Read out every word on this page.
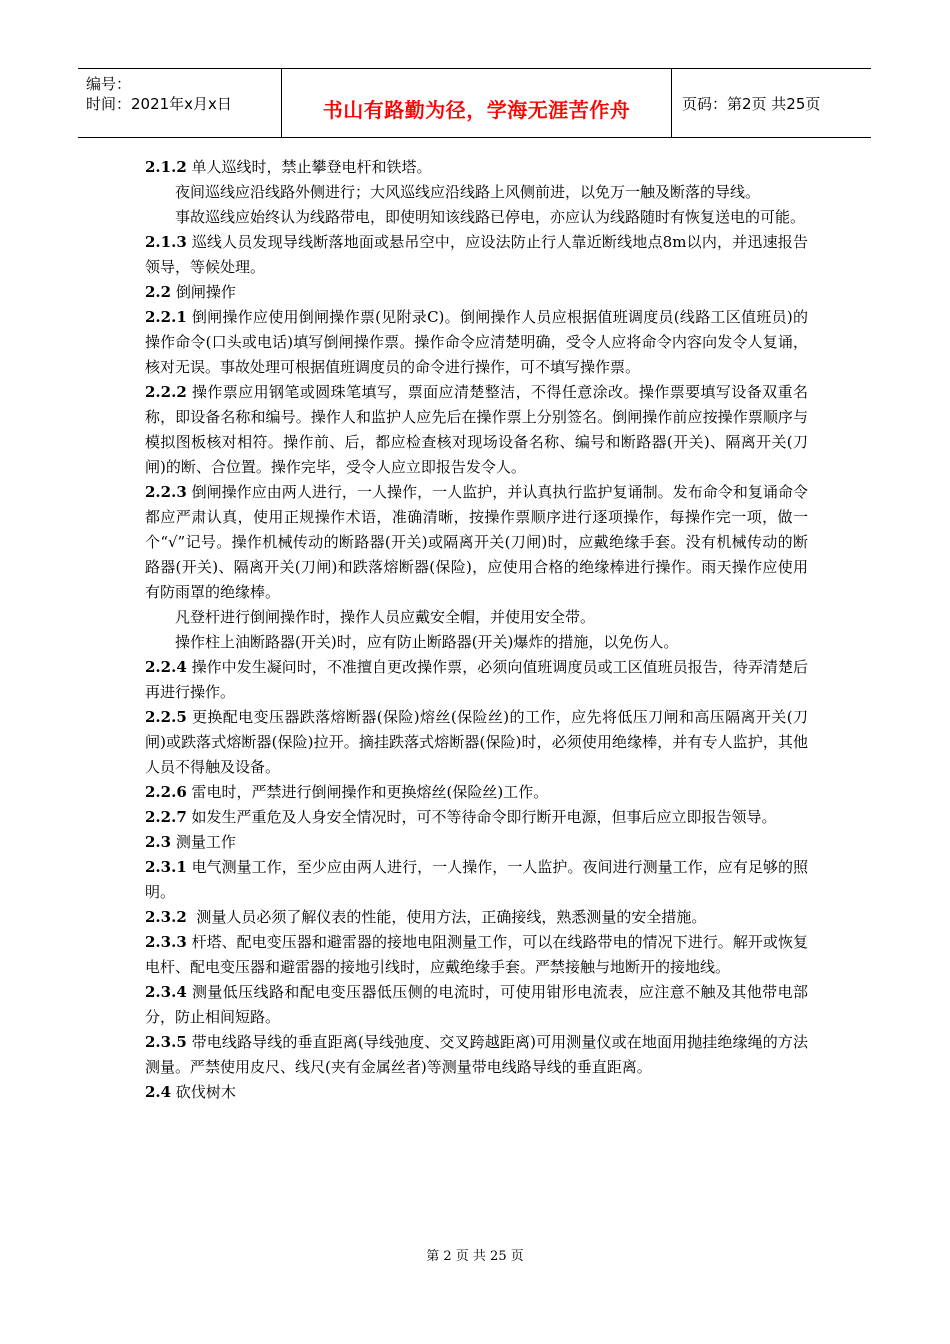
编号：
时间：2021年x月x日	书山有路勤为径，学海无涯苦作舟	页码：第2页 共25页

2.1.2 单人巡线时，禁止攀登电杆和铁塔。

夜间巡线应沿线路外侧进行；大风巡线应沿线路上风侧前进，以免万一触及断落的导线。

事故巡线应始终认为线路带电，即使明知该线路已停电，亦应认为线路随时有恢复送电的可能。

2.1.3 巡线人员发现导线断落地面或悬吊空中，应设法防止行人靠近断线地点8m以内，并迅速报告领导，等候处理。

2.2 倒闸操作

2.2.1 倒闸操作应使用倒闸操作票(见附录C)。倒闸操作人员应根据值班调度员(线路工区值班员)的操作命令(口头或电话)填写倒闸操作票。操作命令应清楚明确，受令人应将命令内容向发令人复诵，核对无误。事故处理可根据值班调度员的命令进行操作，可不填写操作票。

2.2.2 操作票应用钢笔或圆珠笔填写，票面应清楚整洁，不得任意涂改。操作票要填写设备双重名称，即设备名称和编号。操作人和监护人应先后在操作票上分别签名。倒闸操作前应按操作票顺序与模拟图板核对相符。操作前、后，都应检查核对现场设备名称、编号和断路器(开关)、隔离开关(刀闸)的断、合位置。操作完毕，受令人应立即报告发令人。

2.2.3 倒闸操作应由两人进行，一人操作，一人监护，并认真执行监护复诵制。发布命令和复诵命令都应严肃认真，使用正规操作术语，准确清晰，按操作票顺序进行逐项操作，每操作完一项，做一个“√”记号。操作机械传动的断路器(开关)或隔离开关(刀闸)时，应戴绝缘手套。没有机械传动的断路器(开关)、隔离开关(刀闸)和跌落熔断器(保险)，应使用合格的绝缘棒进行操作。雨天操作应使用有防雨罩的绝缘棒。

凡登杆进行倒闸操作时，操作人员应戴安全帽，并使用安全带。

操作柱上油断路器(开关)时，应有防止断路器(开关)爆炸的措施，以免伤人。

2.2.4 操作中发生凝问时，不准擅自更改操作票，必须向值班调度员或工区值班员报告，待弄清楚后再进行操作。

2.2.5 更换配电变压器跌落熔断器(保险)熔丝(保险丝)的工作，应先将低压刀闸和高压隔离开关(刀闸)或跌落式熔断器(保险)拉开。摘挂跌落式熔断器(保险)时，必须使用绝缘棒，并有专人监护，其他人员不得触及设备。

2.2.6 雷电时，严禁进行倒闸操作和更换熔丝(保险丝)工作。

2.2.7 如发生严重危及人身安全情况时，可不等待命令即行断开电源，但事后应立即报告领导。

2.3 测量工作

2.3.1 电气测量工作，至少应由两人进行，一人操作，一人监护。夜间进行测量工作，应有足够的照明。

2.3.2 测量人员必须了解仪表的性能，使用方法，正确接线，熟悉测量的安全措施。

2.3.3 杆塔、配电变压器和避雷器的接地电阻测量工作，可以在线路带电的情况下进行。解开或恢复电杆、配电变压器和避雷器的接地引线时，应戴绝缘手套。严禁接触与地断开的接地线。

2.3.4 测量低压线路和配电变压器低压侧的电流时，可使用钳形电流表，应注意不触及其他带电部分，防止相间短路。

2.3.5 带电线路导线的垂直距离(导线弛度、交叉跨越距离)可用测量仪或在地面用抛挂绝缘绳的方法测量。严禁使用皮尺、线尺(夹有金属丝者)等测量带电线路导线的垂直距离。

2.4 砍伐树木

第 2 页 共 25 页
